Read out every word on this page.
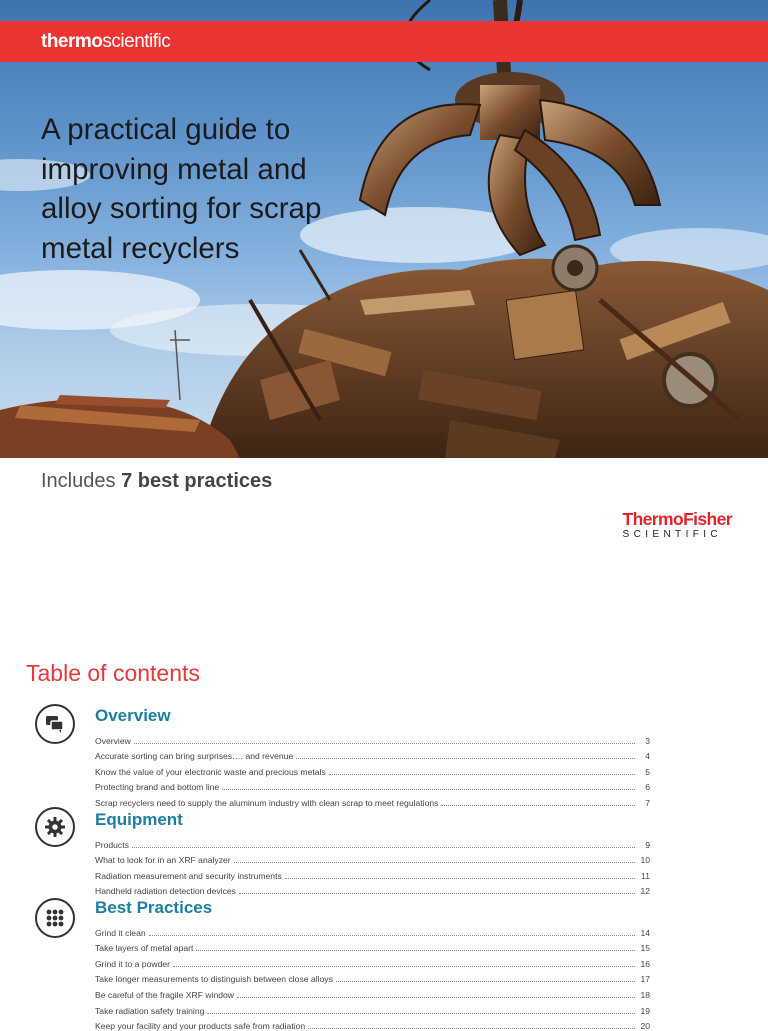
thermoscientific
A practical guide to improving metal and alloy sorting for scrap metal recyclers
Includes 7 best practices
ThermoFisher
SCIENTIFIC
Table of contents
Overview
Overview	3
Accurate sorting can bring surprises…. and revenue	4
Know the value of your electronic waste and precious metals	5
Protecting brand and bottom line	6
Scrap recyclers need to supply the aluminum industry with clean scrap to meet regulations	7
Equipment
Products	9
What to look for in an XRF analyzer	10
Radiation measurement and security instruments	11
Handheld radiation detection devices	12
Best Practices
Grind it clean	14
Take layers of metal apart	15
Grind it to a powder	16
Take longer measurements to distinguish between close alloys	17
Be careful of the fragile XRF window	18
Take radiation safety training	19
Keep your facility and your products safe from radiation	20
